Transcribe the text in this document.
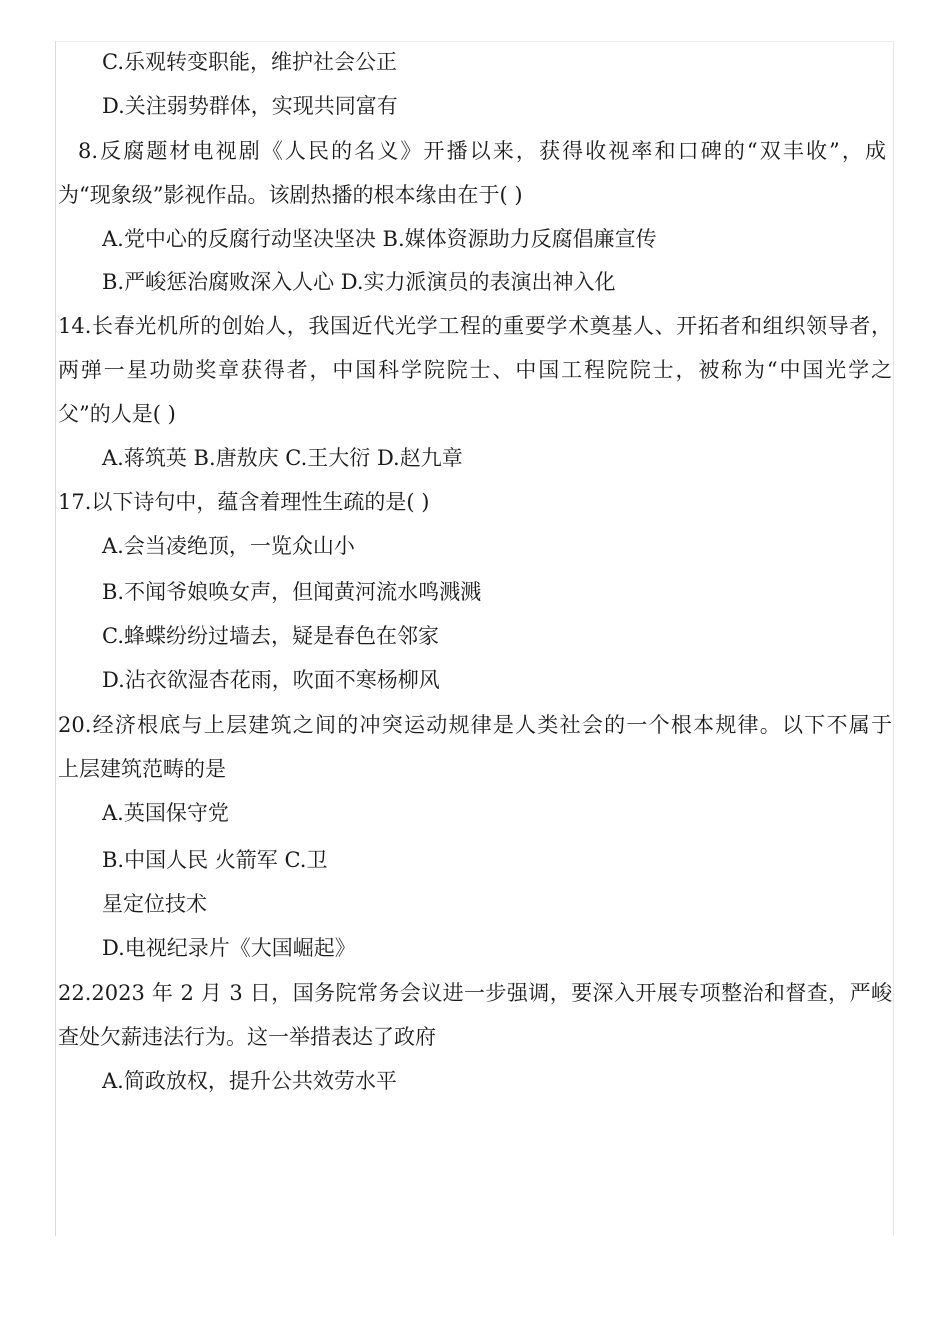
C.乐观转变职能，维护社会公正
D.关注弱势群体，实现共同富有
8.反腐题材电视剧《人民的名义》开播以来，获得收视率和口碑的“双丰收”，成
为“现象级”影视作品。该剧热播的根本缘由在于( )
A.党中心的反腐行动坚决坚决 B.媒体资源助力反腐倡廉宣传
B.严峻惩治腐败深入人心 D.实力派演员的表演出神入化
14.长春光机所的创始人，我国近代光学工程的重要学术奠基人、开拓者和组织领导者，
两弹一星功勋奖章获得者，中国科学院院士、中国工程院院士，被称为“中国光学之
父”的人是( )
A.蒋筑英 B.唐敖庆 C.王大衍 D.赵九章
17.以下诗句中，蕴含着理性生疏的是( )
A.会当凌绝顶，一览众山小
B.不闻爷娘唤女声，但闻黄河流水鸣溅溅
C.蜂蝶纷纷过墙去，疑是春色在邻家
D.沾衣欲湿杏花雨，吹面不寒杨柳风
20.经济根底与上层建筑之间的冲突运动规律是人类社会的一个根本规律。以下不属于
上层建筑范畴的是
A.英国保守党
B.中国人民 火箭军 C.卫
星定位技术
D.电视纪录片《大国崛起》
22.2023 年 2 月 3 日，国务院常务会议进一步强调，要深入开展专项整治和督查，严峻
查处欠薪违法行为。这一举措表达了政府
A.简政放权，提升公共效劳水平
